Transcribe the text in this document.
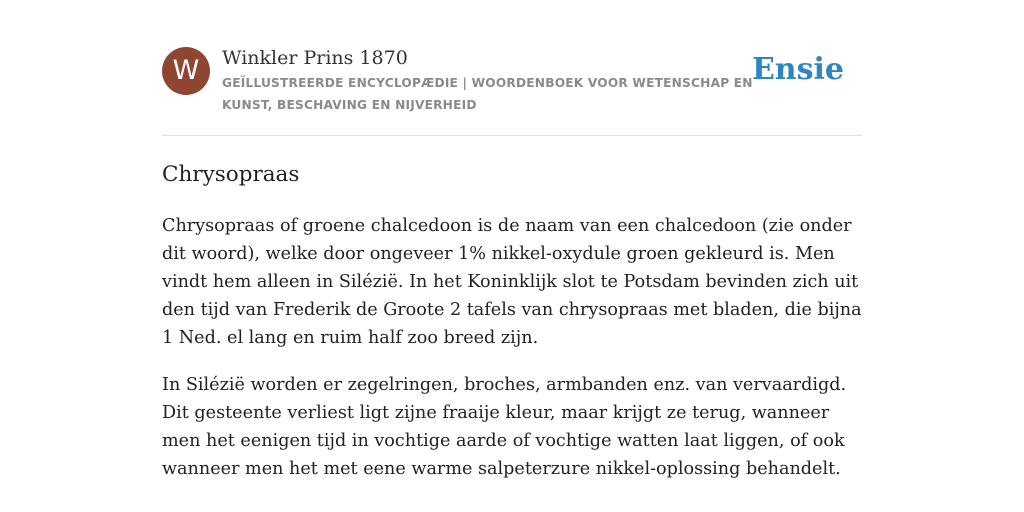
W	Winkler Prins 1870
GEÏLLUSTREERDE ENCYCLOPÆDIE | WOORDENBOEK VOOR WETENSCHAP EN KUNST, BESCHAVING EN NIJVERHEID
Ensie
Chrysopraas

Chrysopraas of groene chalcedoon is de naam van een chalcedoon (zie onder dit woord), welke door ongeveer 1% nikkel-oxydule groen gekleurd is. Men vindt hem alleen in Silézië. In het Koninklijk slot te Potsdam bevinden zich uit den tijd van Frederik de Groote 2 tafels van chrysopraas met bladen, die bijna 1 Ned. el lang en ruim half zoo breed zijn.

In Silézië worden er zegelringen, broches, armbanden enz. van vervaardigd. Dit gesteente verliest ligt zijne fraaije kleur, maar krijgt ze terug, wanneer men het eenigen tijd in vochtige aarde of vochtige watten laat liggen, of ook wanneer men het met eene warme salpeterzure nikkel-oplossing behandelt.
